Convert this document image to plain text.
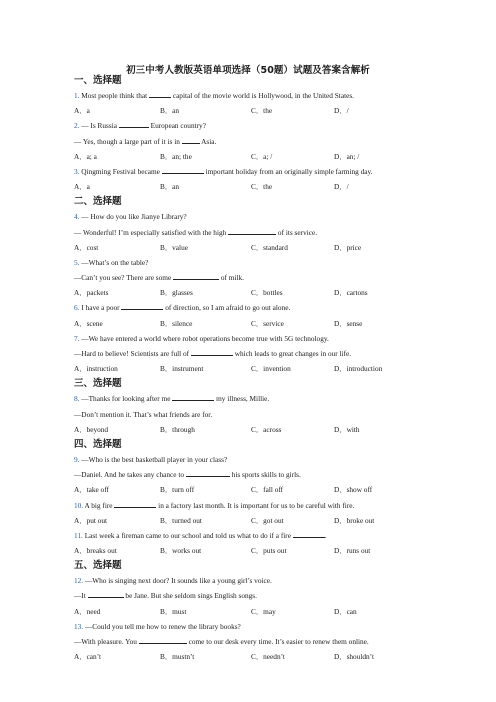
初三中考人教版英语单项选择（50题）试题及答案含解析
一、选择题
1. Most people think that	capital of the movie world is Hollywood, in the United States.
A．a	B．an	C．the	D．/
2. — Is Russia	European country?
— Yes, though a large part of it is in  Asia.
A．a; a	B．an; the	C．a; /	D．an; /
3. Qingming Festival became	important holiday from an originally simple farming day.
A．a	B．an	C．the	D．/
二、选择题
4. — How do you like Jianye Library?
— Wonderful! I’m especially satisfied with the high	of its service.
A．cost	B．value	C．standard	D．price
5. —What’s on the table?
—Can’t you see? There are some	of milk.
A．packets	B．glasses	C．bottles	D．cartons
6. I have a poor	of direction, so I am afraid to go out alone.
A．scene	B．silence	C．service	D．sense
7. —We have entered a world where robot operations become true with 5G technology.
—Hard to believe! Scientists are full of	which leads to great changes in our life.
A．instruction	B．instrument	C．invention	D．introduction
三、选择题
8. —Thanks for looking after me	my illness, Millie.
—Don’t mention it. That’s what friends are for.
A．beyond	B．through	C．across	D．with
四、选择题
9. —Who is the best basketball player in your class?
—Daniel. And he takes any chance to	his sports skills to girls.
A．take off	B．turn off	C．fall off	D．show off
10. A big fire	in a factory last month. It is important for us to be careful with fire.
A．put out	B．turned out	C．got out	D．broke out
11. Last week a fireman came to our school and told us what to do if a fire	.
A．breaks out	B．works out	C．puts out	D．runs out
五、选择题
12. —Who is singing next door? It sounds like a young girl’s voice.
—It	be Jane. But she seldom sings English songs.
A．need	B．must	C．may	D．can
13. —Could you tell me how to renew the library books?
—With pleasure. You	come to our desk every time. It’s easier to renew them online.
A．can’t	B．mustn’t	C．needn’t	D．shouldn’t
